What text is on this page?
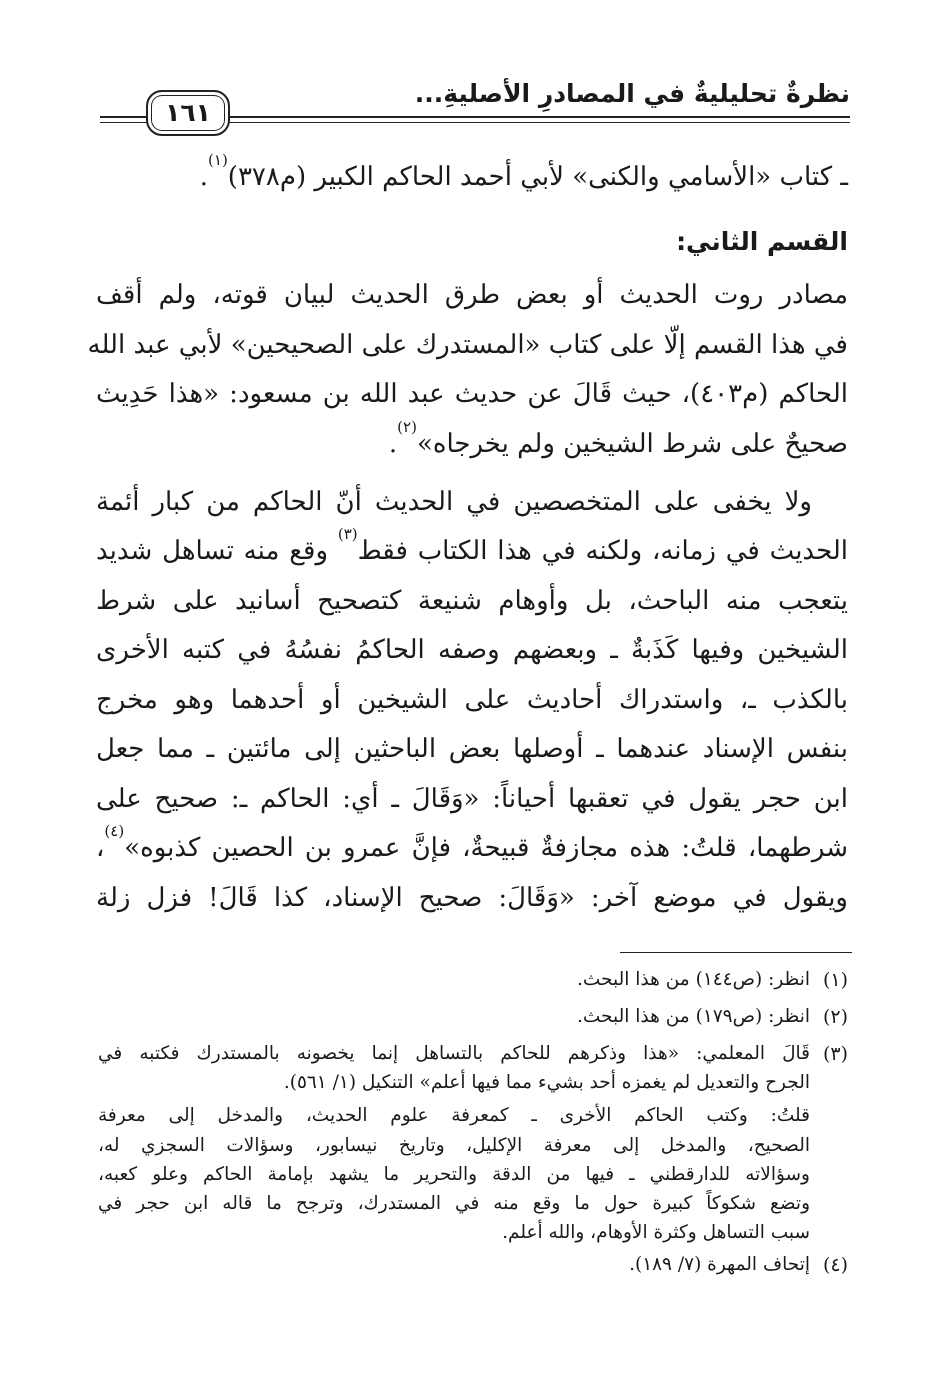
نظرةٌ تحليليةٌ في المصادرِ الأصليةِ...
١٦١
ـ كتاب «الأسامي والكنى» لأبي أحمد الحاكم الكبير (م٣٧٨)$^{(١)}$.
القسم الثاني:
مصادر روت الحديث أو بعض طرق الحديث لبيان قوته، ولم أقف
في هذا القسم إلّا على كتاب «المستدرك على الصحيحين» لأبي عبد الله
الحاكم (م٤٠٣)، حيث قَالَ عن حديث عبد الله بن مسعود: «هذا حَدِيث
صحيحٌ على شرط الشيخين ولم يخرجاه»$^{(٢)}$.
ولا يخفى على المتخصصين في الحديث أنّ الحاكم من كبار أئمة
الحديث في زمانه، ولكنه في هذا الكتاب فقط$^{(٣)}$ وقع منه تساهل شديد
يتعجب منه الباحث، بل وأوهام شنيعة كتصحيح أسانيد على شرط
الشيخين وفيها كَذَبةٌ ـ وبعضهم وصفه الحاكمُ نفسُهُ في كتبه الأخرى
بالكذب ـ، واستدراك أحاديث على الشيخين أو أحدهما وهو مخرج
بنفس الإسناد عندهما ـ أوصلها بعض الباحثين إلى مائتين ـ مما جعل
ابن حجر يقول في تعقبها أحياناً: «وَقَالَ ـ أي: الحاكم ـ: صحيح على
شرطهما، قلتُ: هذه مجازفةٌ قبيحةٌ، فإنَّ عمرو بن الحصين كذبوه»$^{(٤)}$،
ويقول في موضع آخر: «وَقَالَ: صحيح الإسناد، كذا قَالَ! فزل زلة
(١)
انظر: (ص١٤٤) من هذا البحث.
(٢)
انظر: (ص١٧٩) من هذا البحث.
(٣)
قَالَ المعلمي: «هذا وذكرهم للحاكم بالتساهل إنما يخصونه بالمستدرك فكتبه في
الجرح والتعديل لم يغمزه أحد بشيء مما فيها أعلم» التنكيل (١/ ٥٦١).
قلتُ: وكتب الحاكم الأخرى ـ كمعرفة علوم الحديث، والمدخل إلى معرفة
الصحيح، والمدخل إلى معرفة الإكليل، وتاريخ نيسابور، وسؤالات السجزي له،
وسؤالاته للدارقطني ـ فيها من الدقة والتحرير ما يشهد بإمامة الحاكم وعلو كعبه،
وتضع شكوكاً كبيرة حول ما وقع منه في المستدرك، وترجح ما قاله ابن حجر في
سبب التساهل وكثرة الأوهام، والله أعلم.
(٤)
إتحاف المهرة (٧/ ١٨٩).
